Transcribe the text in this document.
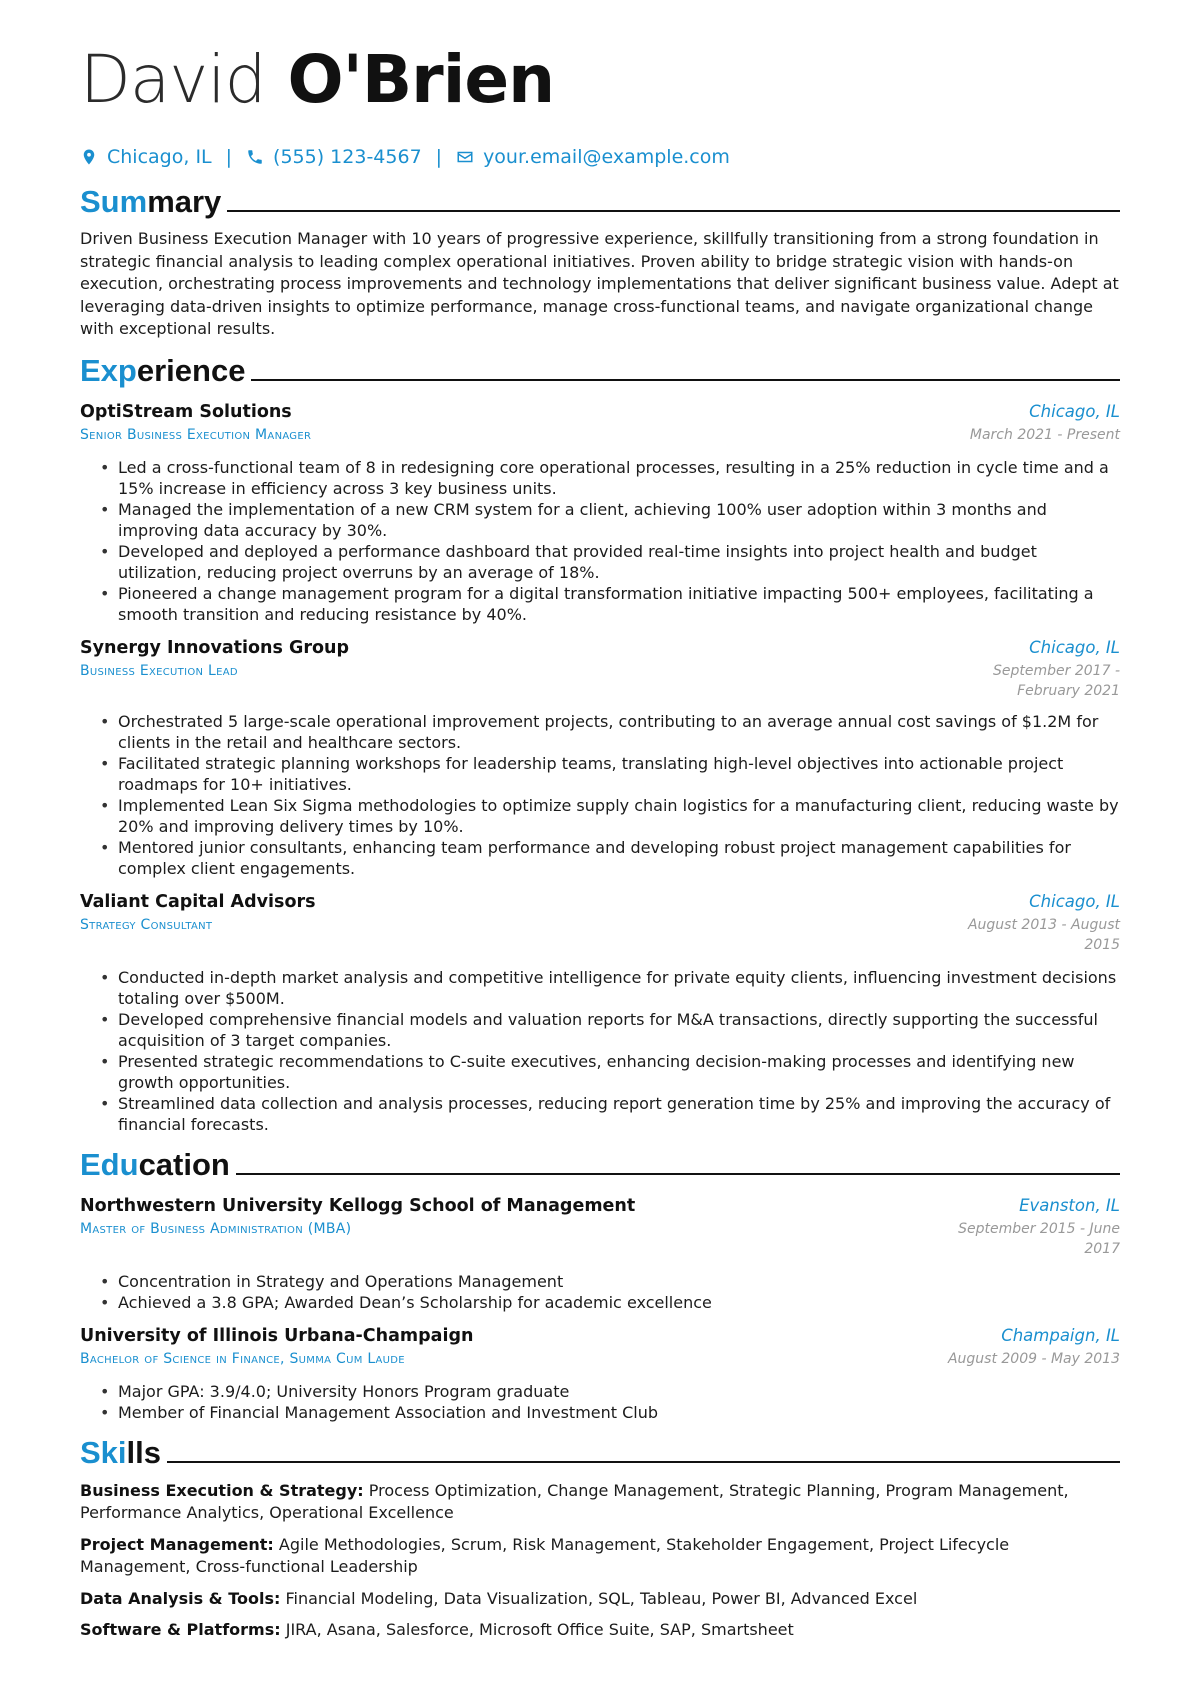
David O'Brien
Chicago, IL | (555) 123-4567 | your.email@example.com
Summary

Driven Business Execution Manager with 10 years of progressive experience, skillfully transitioning from a strong foundation in strategic financial analysis to leading complex operational initiatives. Proven ability to bridge strategic vision with hands-on execution, orchestrating process improvements and technology implementations that deliver significant business value. Adept at leveraging data-driven insights to optimize performance, manage cross-functional teams, and navigate organizational change with exceptional results.

Experience
OptiStream Solutions
Senior Business Execution Manager
Chicago, IL
March 2021 - Present
• Led a cross-functional team of 8 in redesigning core operational processes, resulting in a 25% reduction in cycle time and a 15% increase in efficiency across 3 key business units.
• Managed the implementation of a new CRM system for a client, achieving 100% user adoption within 3 months and improving data accuracy by 30%.
• Developed and deployed a performance dashboard that provided real-time insights into project health and budget utilization, reducing project overruns by an average of 18%.
• Pioneered a change management program for a digital transformation initiative impacting 500+ employees, facilitating a smooth transition and reducing resistance by 40%.
Synergy Innovations Group
Business Execution Lead
Chicago, IL
September 2017 - February 2021
• Orchestrated 5 large-scale operational improvement projects, contributing to an average annual cost savings of $1.2M for clients in the retail and healthcare sectors.
• Facilitated strategic planning workshops for leadership teams, translating high-level objectives into actionable project roadmaps for 10+ initiatives.
• Implemented Lean Six Sigma methodologies to optimize supply chain logistics for a manufacturing client, reducing waste by 20% and improving delivery times by 10%.
• Mentored junior consultants, enhancing team performance and developing robust project management capabilities for complex client engagements.
Valiant Capital Advisors
Strategy Consultant
Chicago, IL
August 2013 - August 2015
• Conducted in-depth market analysis and competitive intelligence for private equity clients, influencing investment decisions totaling over $500M.
• Developed comprehensive financial models and valuation reports for M&A transactions, directly supporting the successful acquisition of 3 target companies.
• Presented strategic recommendations to C-suite executives, enhancing decision-making processes and identifying new growth opportunities.
• Streamlined data collection and analysis processes, reducing report generation time by 25% and improving the accuracy of financial forecasts.
Education
Northwestern University Kellogg School of Management
Master of Business Administration (MBA)
Evanston, IL
September 2015 - June 2017
• Concentration in Strategy and Operations Management
• Achieved a 3.8 GPA; Awarded Dean’s Scholarship for academic excellence
University of Illinois Urbana-Champaign
Bachelor of Science in Finance, Summa Cum Laude
Champaign, IL
August 2009 - May 2013
• Major GPA: 3.9/4.0; University Honors Program graduate
• Member of Financial Management Association and Investment Club
Skills
Business Execution & Strategy: Process Optimization, Change Management, Strategic Planning, Program Management, Performance Analytics, Operational Excellence
Project Management: Agile Methodologies, Scrum, Risk Management, Stakeholder Engagement, Project Lifecycle Management, Cross-functional Leadership
Data Analysis & Tools: Financial Modeling, Data Visualization, SQL, Tableau, Power BI, Advanced Excel
Software & Platforms: JIRA, Asana, Salesforce, Microsoft Office Suite, SAP, Smartsheet
